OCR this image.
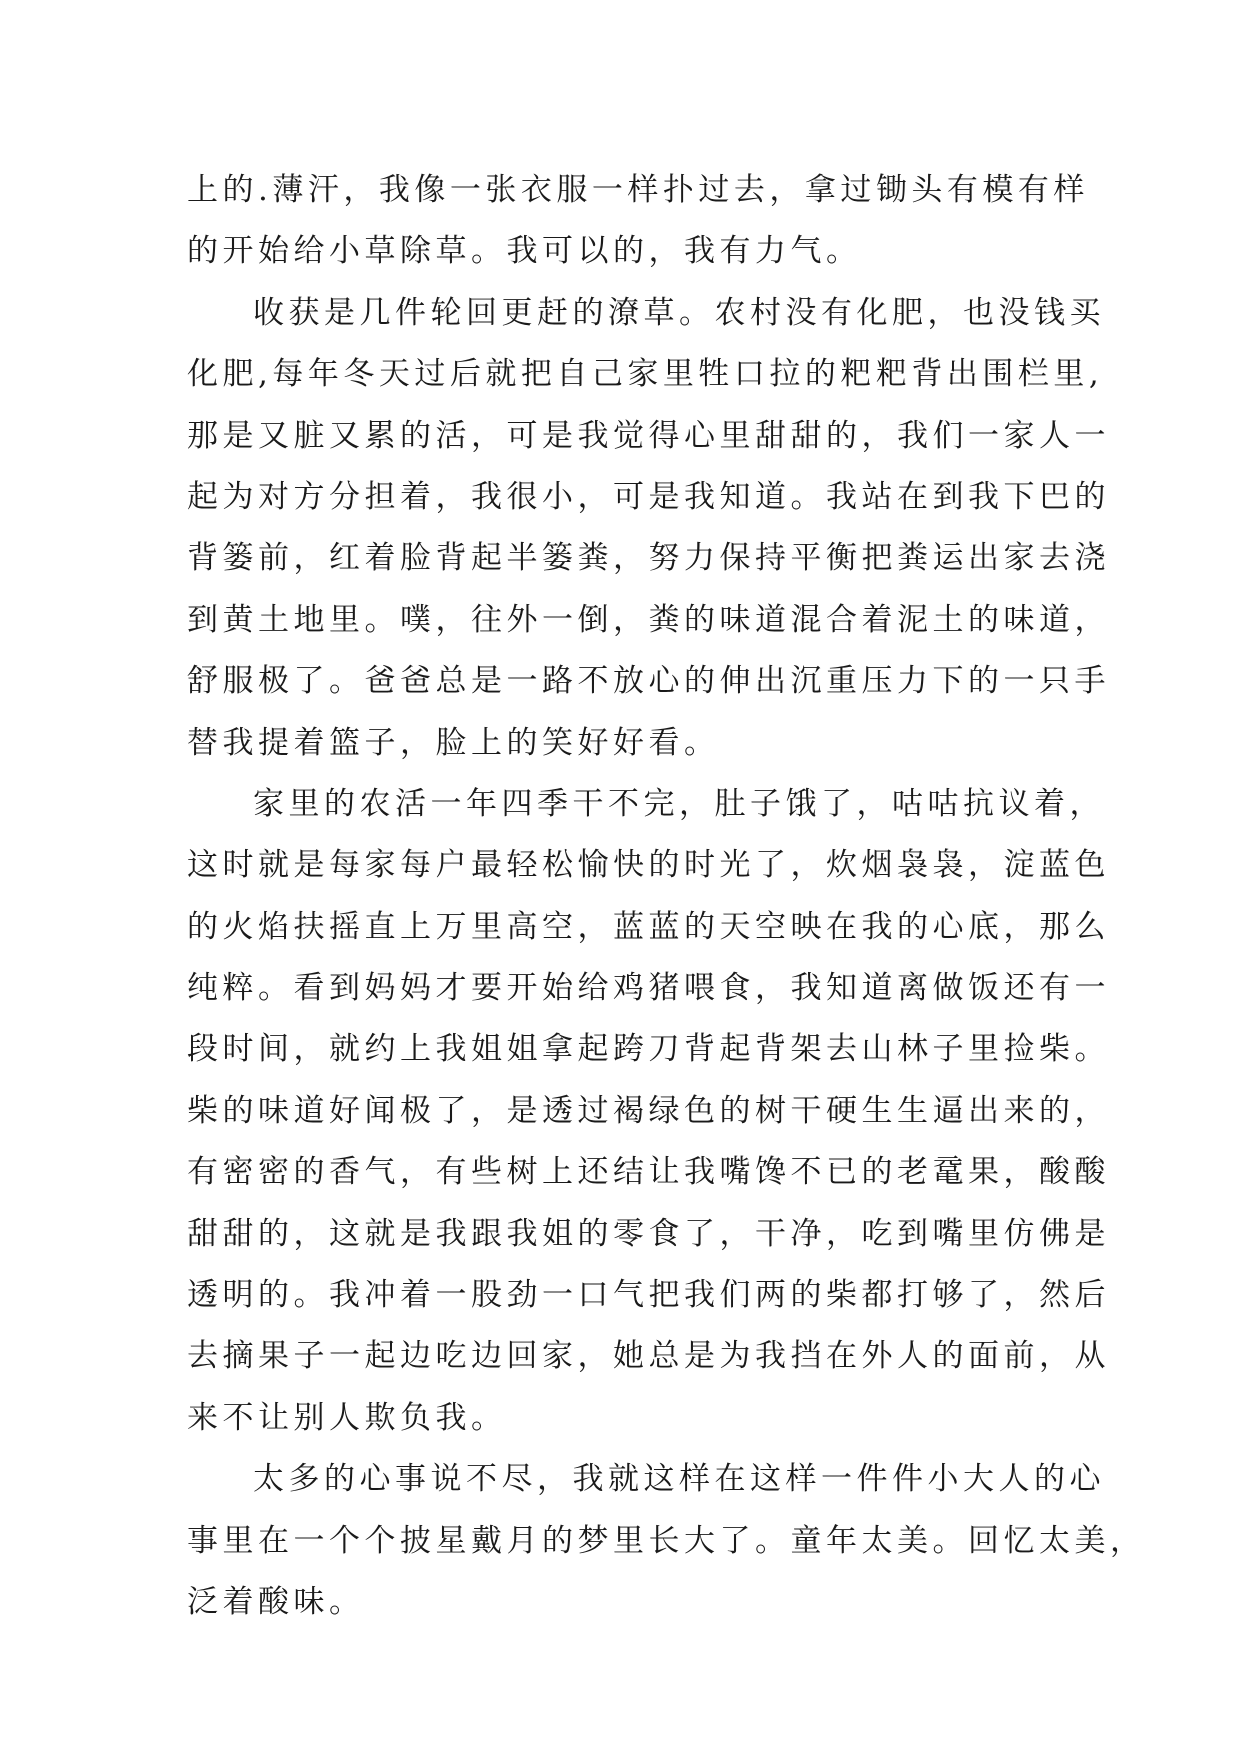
上的.薄汗，我像一张衣服一样扑过去，拿过锄头有模有样
的开始给小草除草。我可以的，我有力气。

收获是几件轮回更赶的潦草。农村没有化肥，也没钱买
化肥,每年冬天过后就把自己家里牲口拉的粑粑背出围栏里,
那是又脏又累的活，可是我觉得心里甜甜的，我们一家人一
起为对方分担着，我很小，可是我知道。我站在到我下巴的
背篓前，红着脸背起半篓粪，努力保持平衡把粪运出家去浇
到黄土地里。噗，往外一倒，粪的味道混合着泥土的味道，
舒服极了。爸爸总是一路不放心的伸出沉重压力下的一只手
替我提着篮子，脸上的笑好好看。

家里的农活一年四季干不完，肚子饿了，咕咕抗议着，
这时就是每家每户最轻松愉快的时光了，炊烟袅袅，淀蓝色
的火焰扶摇直上万里高空，蓝蓝的天空映在我的心底，那么
纯粹。看到妈妈才要开始给鸡猪喂食，我知道离做饭还有一
段时间，就约上我姐姐拿起跨刀背起背架去山林子里捡柴。
柴的味道好闻极了，是透过褐绿色的树干硬生生逼出来的，
有密密的香气，有些树上还结让我嘴馋不已的老鼋果，酸酸
甜甜的，这就是我跟我姐的零食了，干净，吃到嘴里仿佛是
透明的。我冲着一股劲一口气把我们两的柴都打够了，然后
去摘果子一起边吃边回家，她总是为我挡在外人的面前，从
来不让别人欺负我。

太多的心事说不尽，我就这样在这样一件件小大人的心
事里在一个个披星戴月的梦里长大了。童年太美。回忆太美，
泛着酸味。
